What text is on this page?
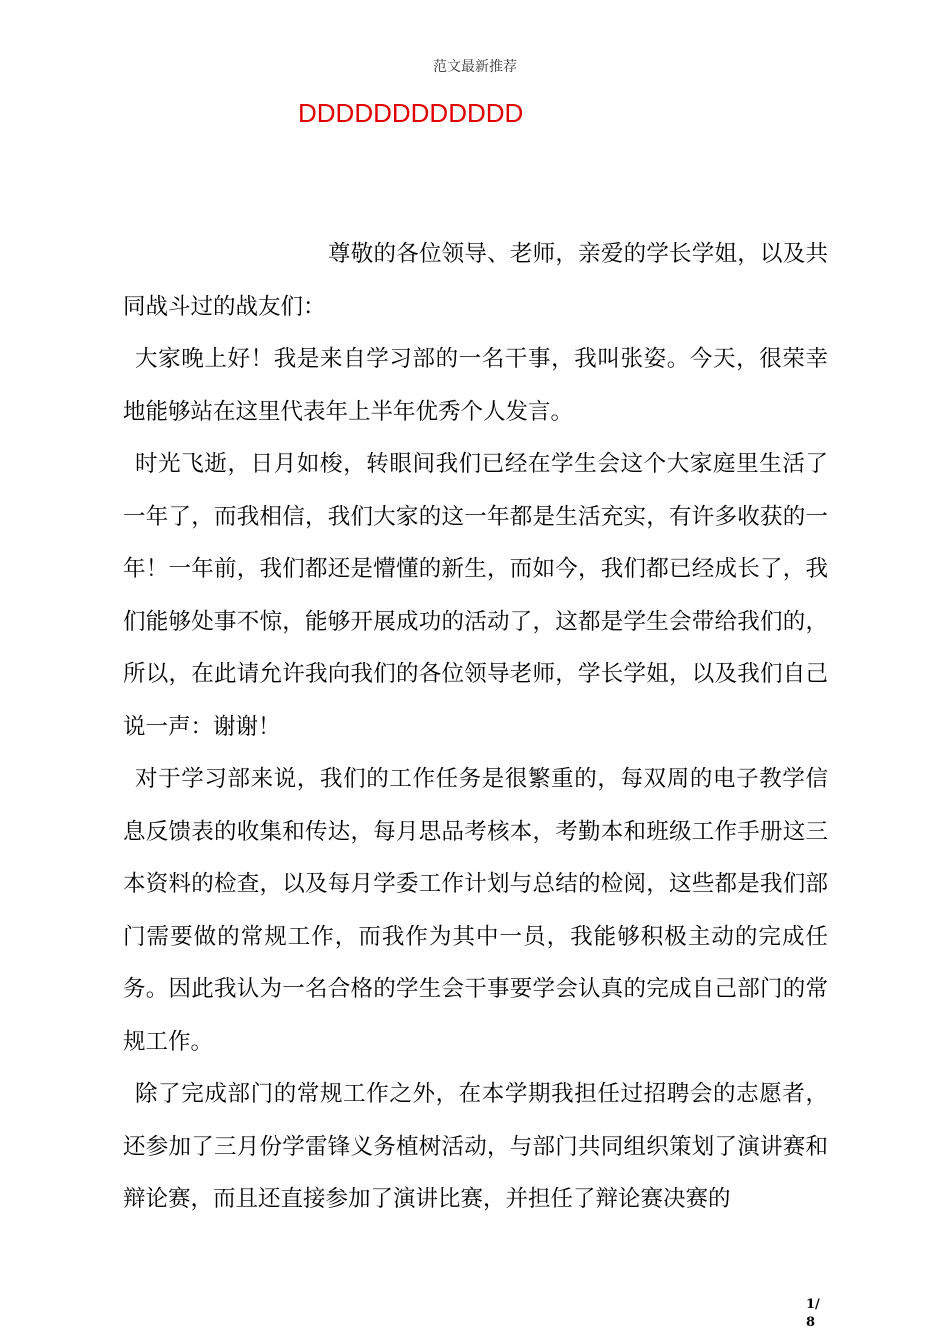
范文最新推荐
DDDDDDDDDDDD

尊敬的各位领导、老师，亲爱的学长学姐，以及共同战斗过的战友们：

大家晚上好！我是来自学习部的一名干事，我叫张姿。今天，很荣幸地能够站在这里代表年上半年优秀个人发言。

时光飞逝，日月如梭，转眼间我们已经在学生会这个大家庭里生活了一年了，而我相信，我们大家的这一年都是生活充实，有许多收获的一年！一年前，我们都还是懵懂的新生，而如今，我们都已经成长了，我们能够处事不惊，能够开展成功的活动了，这都是学生会带给我们的，所以，在此请允许我向我们的各位领导老师，学长学姐，以及我们自己说一声：谢谢！

对于学习部来说，我们的工作任务是很繁重的，每双周的电子教学信息反馈表的收集和传达，每月思品考核本，考勤本和班级工作手册这三本资料的检查，以及每月学委工作计划与总结的检阅，这些都是我们部门需要做的常规工作，而我作为其中一员，我能够积极主动的完成任务。因此我认为一名合格的学生会干事要学会认真的完成自己部门的常规工作。

除了完成部门的常规工作之外，在本学期我担任过招聘会的志愿者，还参加了三月份学雷锋义务植树活动，与部门共同组织策划了演讲赛和辩论赛，而且还直接参加了演讲比赛，并担任了辩论赛决赛的

1/
8
